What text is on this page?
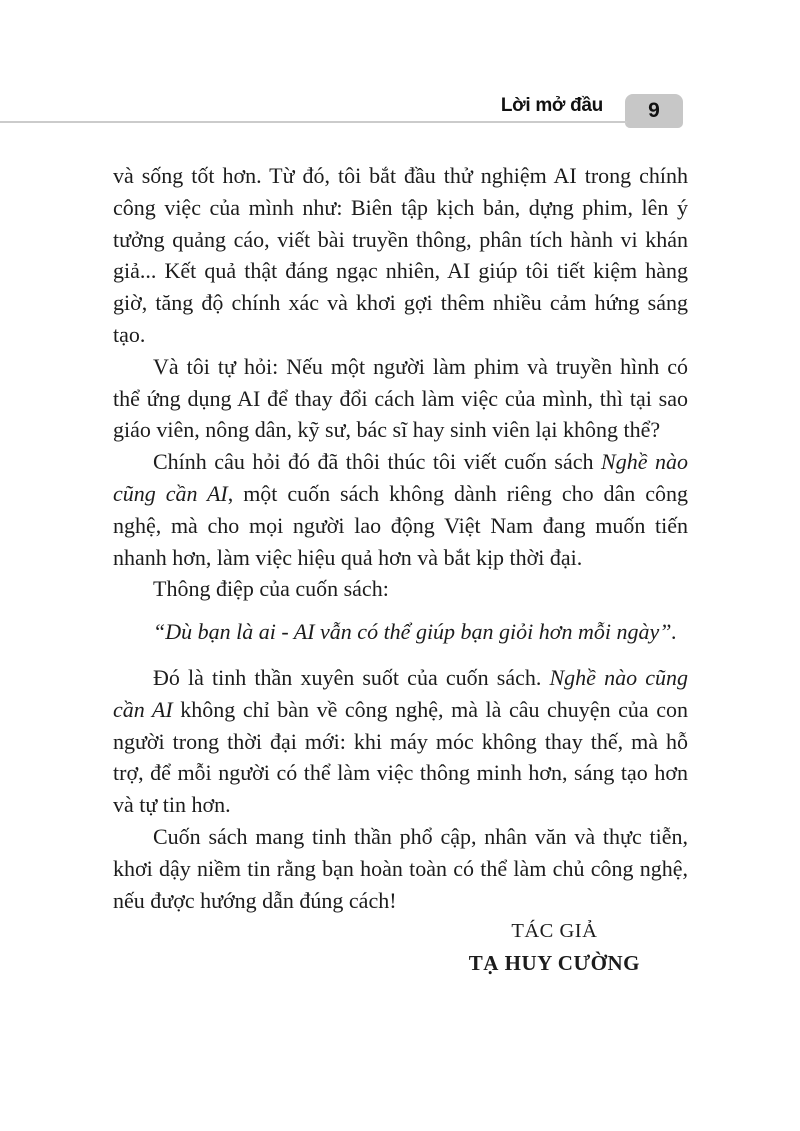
Lời mở đầu 9

và sống tốt hơn. Từ đó, tôi bắt đầu thử nghiệm AI trong chính công việc của mình như: Biên tập kịch bản, dựng phim, lên ý tưởng quảng cáo, viết bài truyền thông, phân tích hành vi khán giả... Kết quả thật đáng ngạc nhiên, AI giúp tôi tiết kiệm hàng giờ, tăng độ chính xác và khơi gợi thêm nhiều cảm hứng sáng tạo.

Và tôi tự hỏi: Nếu một người làm phim và truyền hình có thể ứng dụng AI để thay đổi cách làm việc của mình, thì tại sao giáo viên, nông dân, kỹ sư, bác sĩ hay sinh viên lại không thể?

Chính câu hỏi đó đã thôi thúc tôi viết cuốn sách Nghề nào cũng cần AI, một cuốn sách không dành riêng cho dân công nghệ, mà cho mọi người lao động Việt Nam đang muốn tiến nhanh hơn, làm việc hiệu quả hơn và bắt kịp thời đại.

Thông điệp của cuốn sách:

“Dù bạn là ai - AI vẫn có thể giúp bạn giỏi hơn mỗi ngày”.

Đó là tinh thần xuyên suốt của cuốn sách. Nghề nào cũng cần AI không chỉ bàn về công nghệ, mà là câu chuyện của con người trong thời đại mới: khi máy móc không thay thế, mà hỗ trợ, để mỗi người có thể làm việc thông minh hơn, sáng tạo hơn và tự tin hơn.

Cuốn sách mang tinh thần phổ cập, nhân văn và thực tiễn, khơi dậy niềm tin rằng bạn hoàn toàn có thể làm chủ công nghệ, nếu được hướng dẫn đúng cách!

TÁC GIẢ
TẠ HUY CƯỜNG
